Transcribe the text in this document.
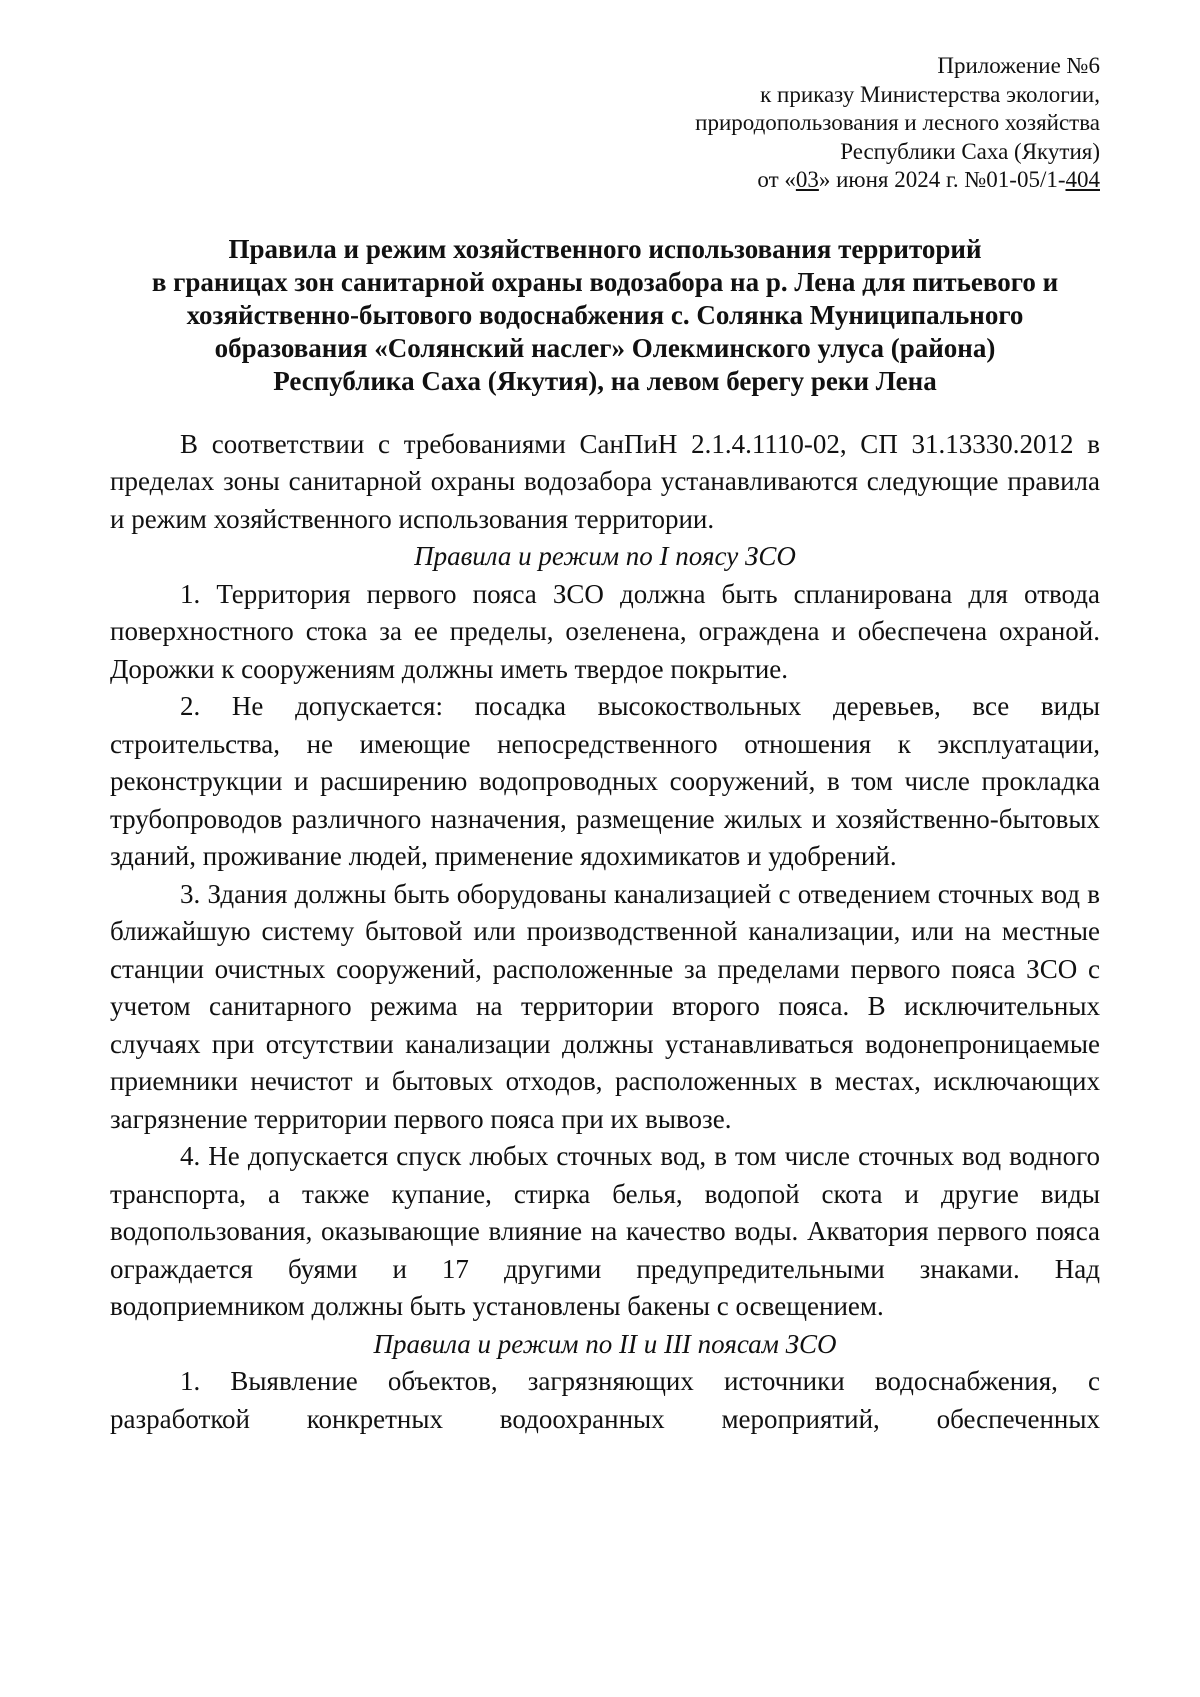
Приложение №6
к приказу Министерства экологии,
природопользования и лесного хозяйства
Республики Саха (Якутия)
от «03» июня 2024 г. №01-05/1-404
Правила и режим хозяйственного использования территорий
в границах зон санитарной охраны водозабора на р. Лена для питьевого и
хозяйственно-бытового водоснабжения с. Солянка Муниципального
образования «Солянский наслег» Олекминского улуса (района)
Республика Саха (Якутия), на левом берегу реки Лена

В соответствии с требованиями СанПиН 2.1.4.1110-02, СП 31.13330.2012 в пределах зоны санитарной охраны водозабора устанавливаются следующие правила и режим хозяйственного использования территории.

Правила и режим по I поясу ЗСО

1. Территория первого пояса ЗСО должна быть спланирована для отвода поверхностного стока за ее пределы, озеленена, ограждена и обеспечена охраной. Дорожки к сооружениям должны иметь твердое покрытие.

2. Не допускается: посадка высокоствольных деревьев, все виды строительства, не имеющие непосредственного отношения к эксплуатации, реконструкции и расширению водопроводных сооружений, в том числе прокладка трубопроводов различного назначения, размещение жилых и хозяйственно-бытовых зданий, проживание людей, применение ядохимикатов и удобрений.

3. Здания должны быть оборудованы канализацией с отведением сточных вод в ближайшую систему бытовой или производственной канализации, или на местные станции очистных сооружений, расположенные за пределами первого пояса ЗСО с учетом санитарного режима на территории второго пояса. В исключительных случаях при отсутствии канализации должны устанавливаться водонепроницаемые приемники нечистот и бытовых отходов, расположенных в местах, исключающих загрязнение территории первого пояса при их вывозе.

4. Не допускается спуск любых сточных вод, в том числе сточных вод водного транспорта, а также купание, стирка белья, водопой скота и другие виды водопользования, оказывающие влияние на качество воды. Акватория первого пояса ограждается буями и 17 другими предупредительными знаками. Над водоприемником должны быть установлены бакены с освещением.

Правила и режим по II и III поясам ЗСО

1. Выявление объектов, загрязняющих источники водоснабжения, с разработкой конкретных водоохранных мероприятий, обеспеченных
